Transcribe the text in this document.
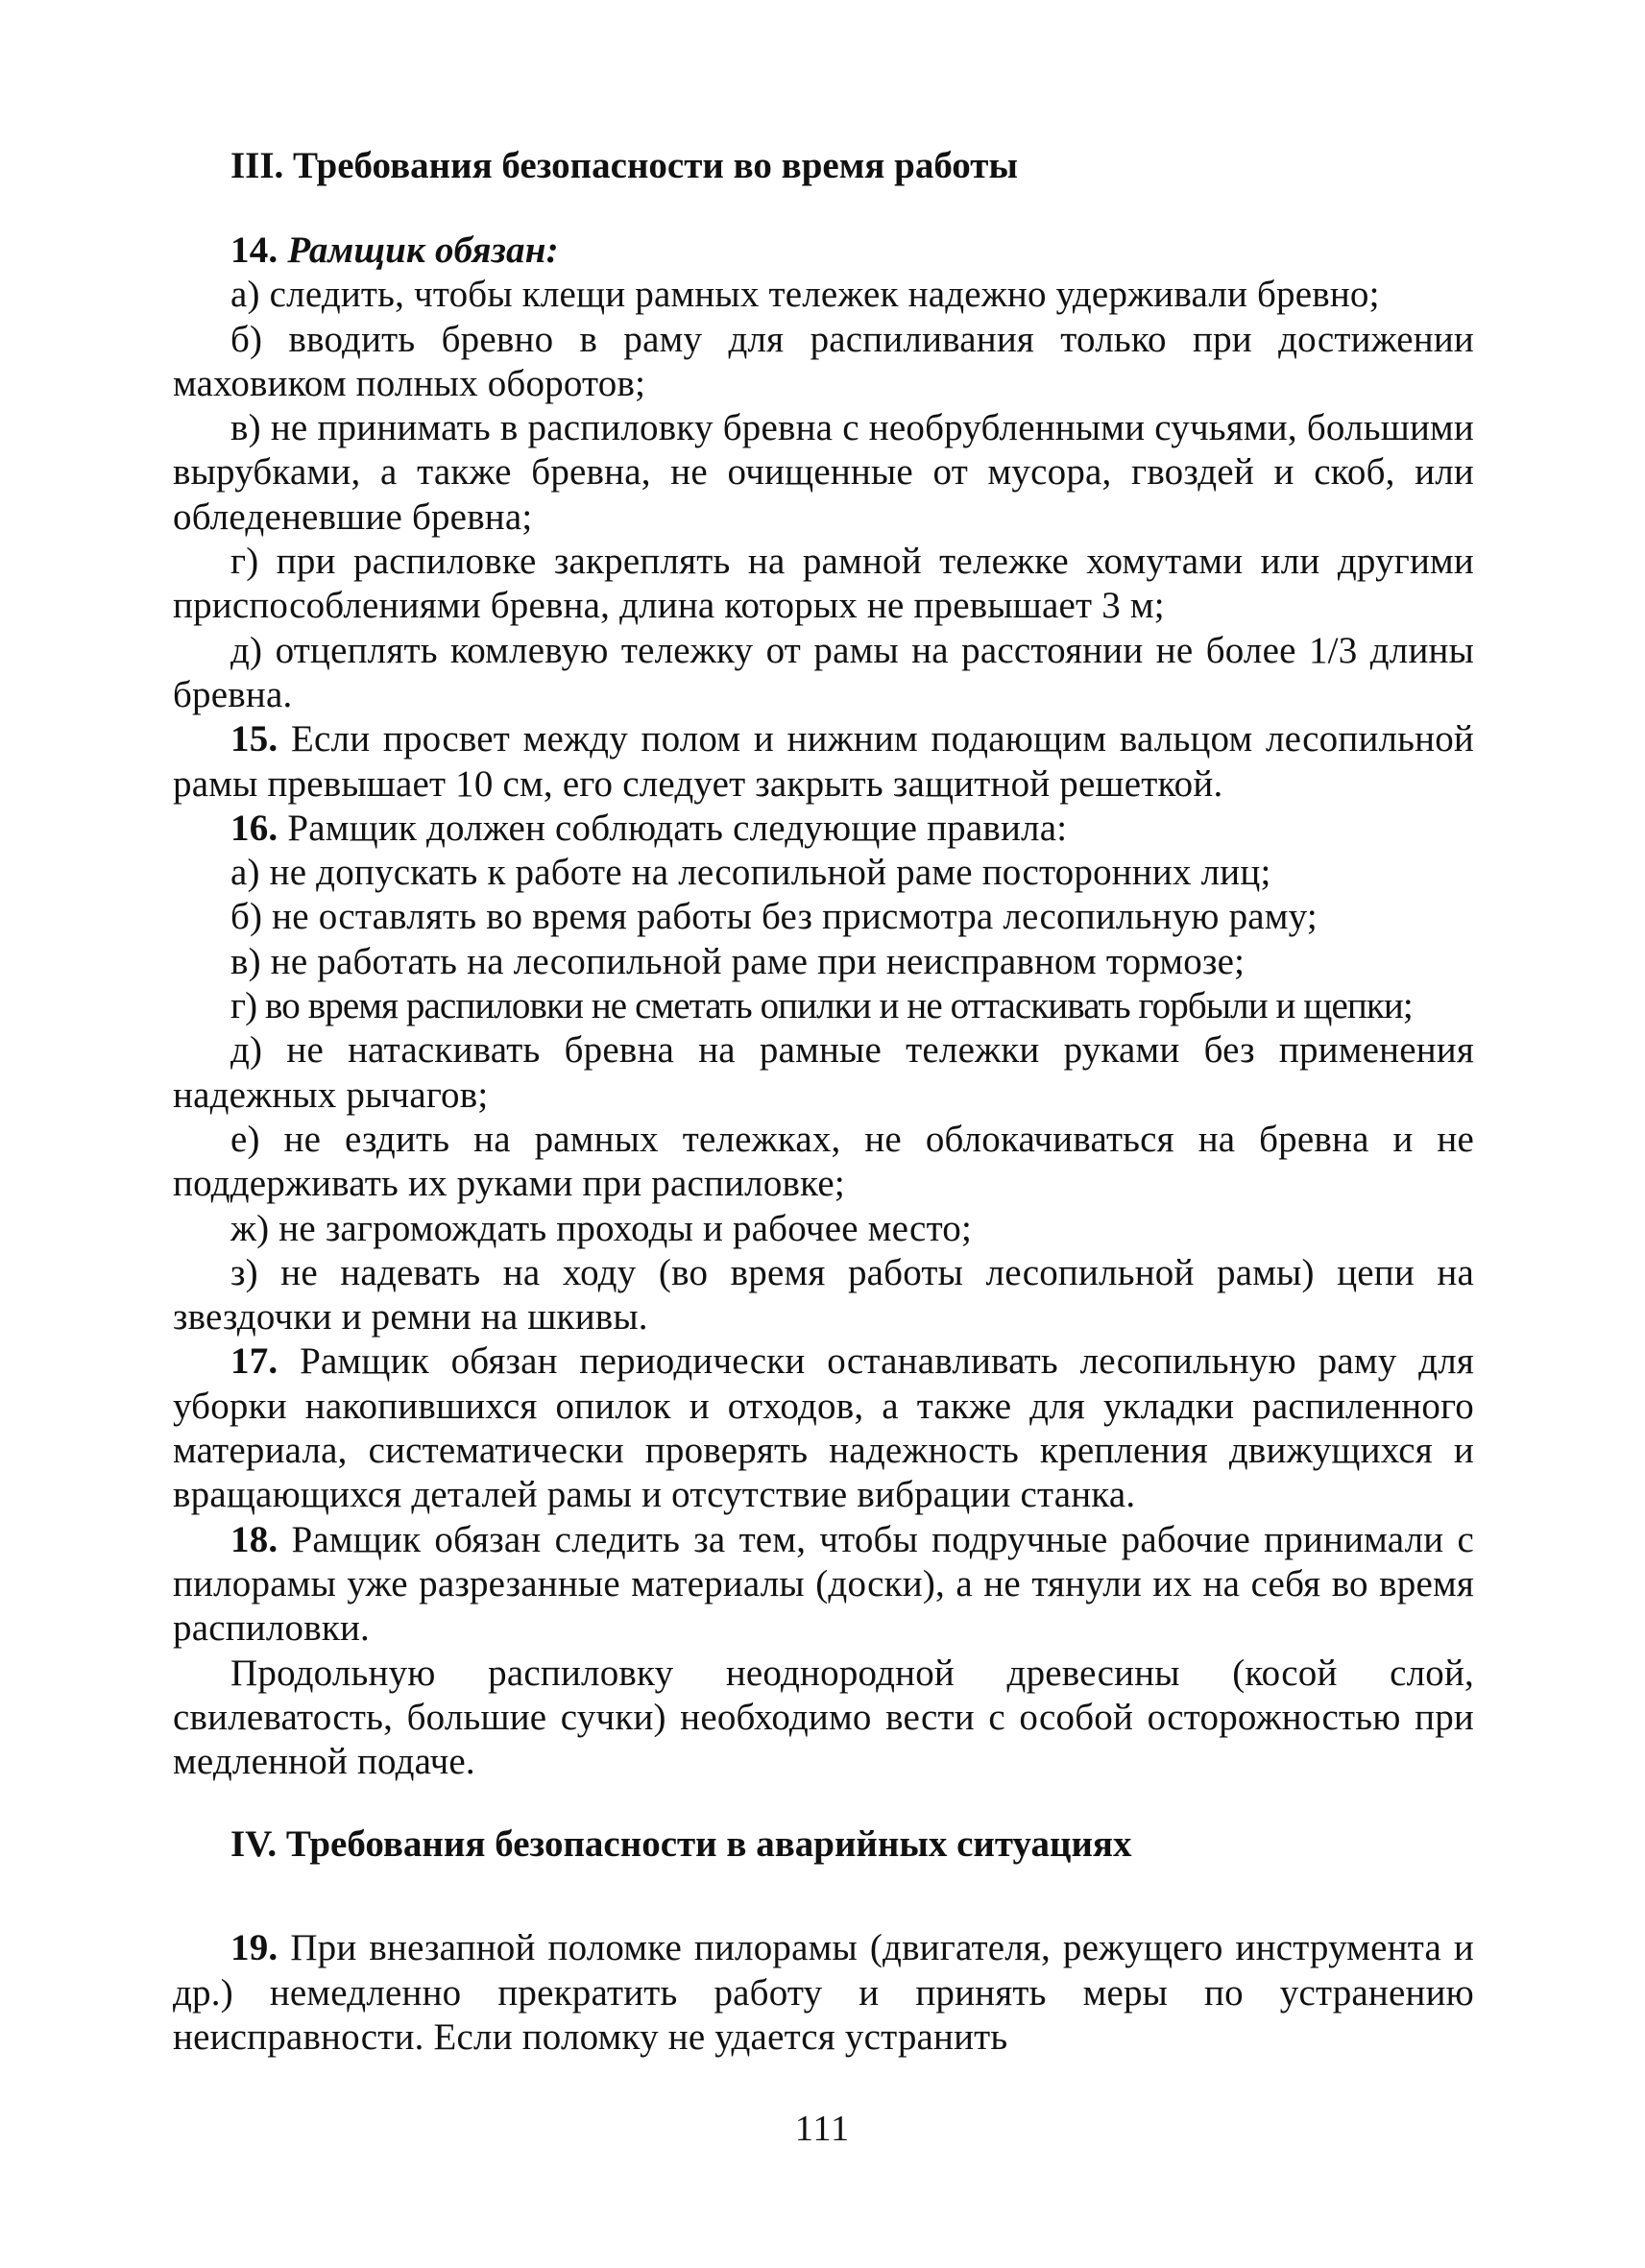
III. Требования безопасности во время работы

14. Рамщик обязан:

а) следить, чтобы клещи рамных тележек надежно удерживали бревно;

б) вводить бревно в раму для распиливания только при достижении маховиком полных оборотов;

в) не принимать в распиловку бревна с необрубленными сучьями, большими вырубками, а также бревна, не очищенные от мусора, гвоздей и скоб, или обледеневшие бревна;

г) при распиловке закреплять на рамной тележке хомутами или другими приспособлениями бревна, длина которых не превышает 3 м;

д) отцеплять комлевую тележку от рамы на расстоянии не более 1/3 длины бревна.

15. Если просвет между полом и нижним подающим вальцом лесопильной рамы превышает 10 см, его следует закрыть защитной решеткой.

16. Рамщик должен соблюдать следующие правила:

а) не допускать к работе на лесопильной раме посторонних лиц;

б) не оставлять во время работы без присмотра лесопильную раму;

в) не работать на лесопильной раме при неисправном тормозе;

г) во время распиловки не сметать опилки и не оттаскивать горбыли и щепки;

д) не натаскивать бревна на рамные тележки руками без применения надежных рычагов;

е) не ездить на рамных тележках, не облокачиваться на бревна и не поддерживать их руками при распиловке;

ж) не загромождать проходы и рабочее место;

з) не надевать на ходу (во время работы лесопильной рамы) цепи на звездочки и ремни на шкивы.

17. Рамщик обязан периодически останавливать лесопильную раму для уборки накопившихся опилок и отходов, а также для укладки распиленного материала, систематически проверять надежность крепления движущихся и вращающихся деталей рамы и отсутствие вибрации станка.

18. Рамщик обязан следить за тем, чтобы подручные рабочие принимали с пилорамы уже разрезанные материалы (доски), а не тянули их на себя во время распиловки.

Продольную распиловку неоднородной древесины (косой слой, свилеватость, большие сучки) необходимо вести с особой осторожностью при медленной подаче.

IV. Требования безопасности в аварийных ситуациях

19. При внезапной поломке пилорамы (двигателя, режущего инструмента и др.) немедленно прекратить работу и принять меры по устранению неисправности. Если поломку не удается устранить

111
